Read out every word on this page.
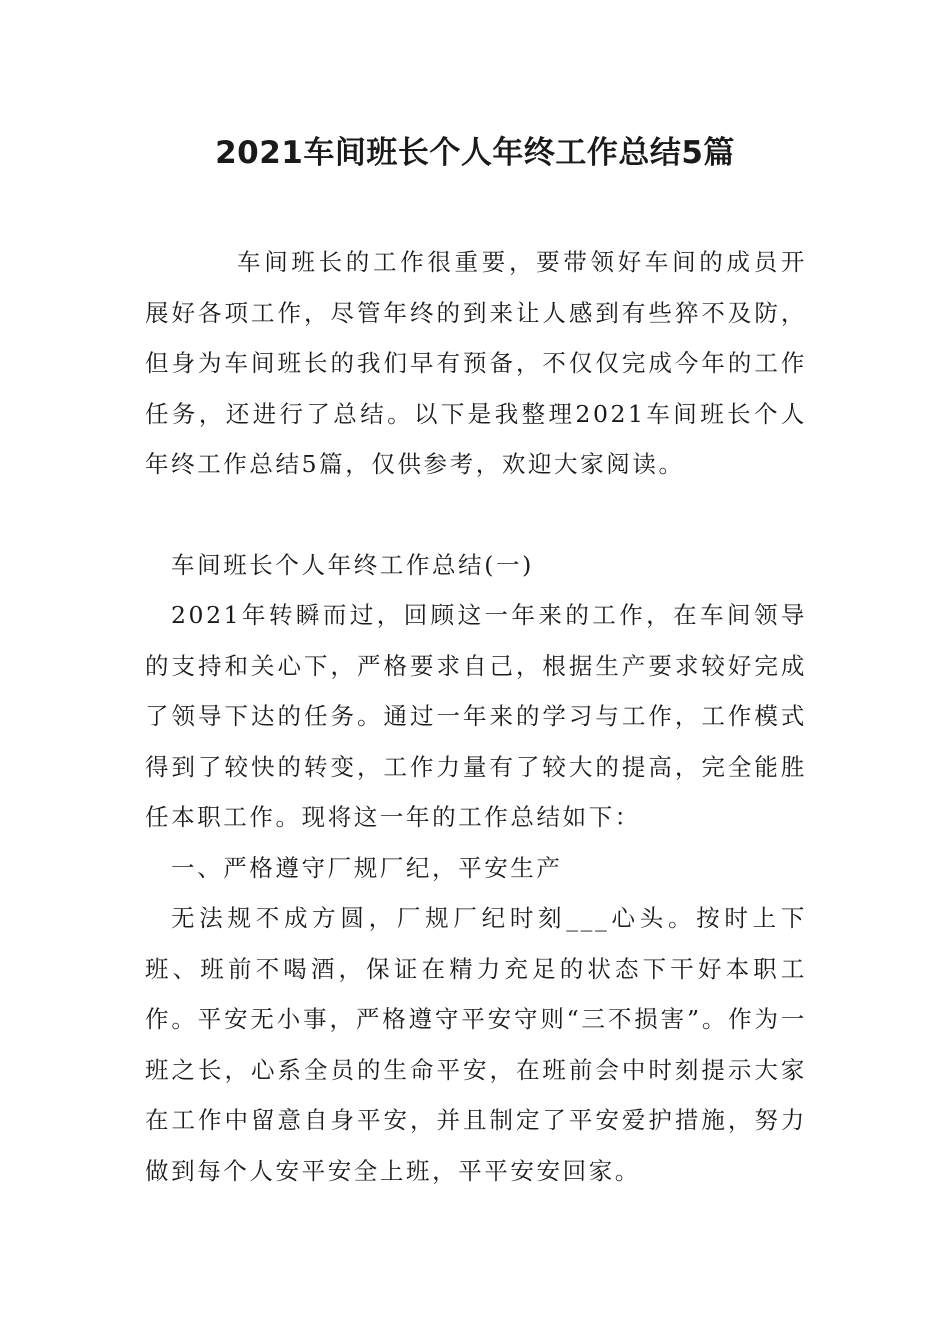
2021车间班长个人年终工作总结5篇

车间班长的工作很重要，要带领好车间的成员开展好各项工作，尽管年终的到来让人感到有些猝不及防，但身为车间班长的我们早有预备，不仅仅完成今年的工作任务，还进行了总结。以下是我整理2021车间班长个人年终工作总结5篇，仅供参考，欢迎大家阅读。

车间班长个人年终工作总结(一)

2021年转瞬而过，回顾这一年来的工作，在车间领导的支持和关心下，严格要求自己，根据生产要求较好完成了领导下达的任务。通过一年来的学习与工作，工作模式得到了较快的转变，工作力量有了较大的提高，完全能胜任本职工作。现将这一年的工作总结如下：

一、严格遵守厂规厂纪，平安生产

无法规不成方圆，厂规厂纪时刻___心头。按时上下班、班前不喝酒，保证在精力充足的状态下干好本职工作。平安无小事，严格遵守平安守则“三不损害”。作为一班之长，心系全员的生命平安，在班前会中时刻提示大家在工作中留意自身平安，并且制定了平安爱护措施，努力做到每个人安平安全上班，平平安安回家。
